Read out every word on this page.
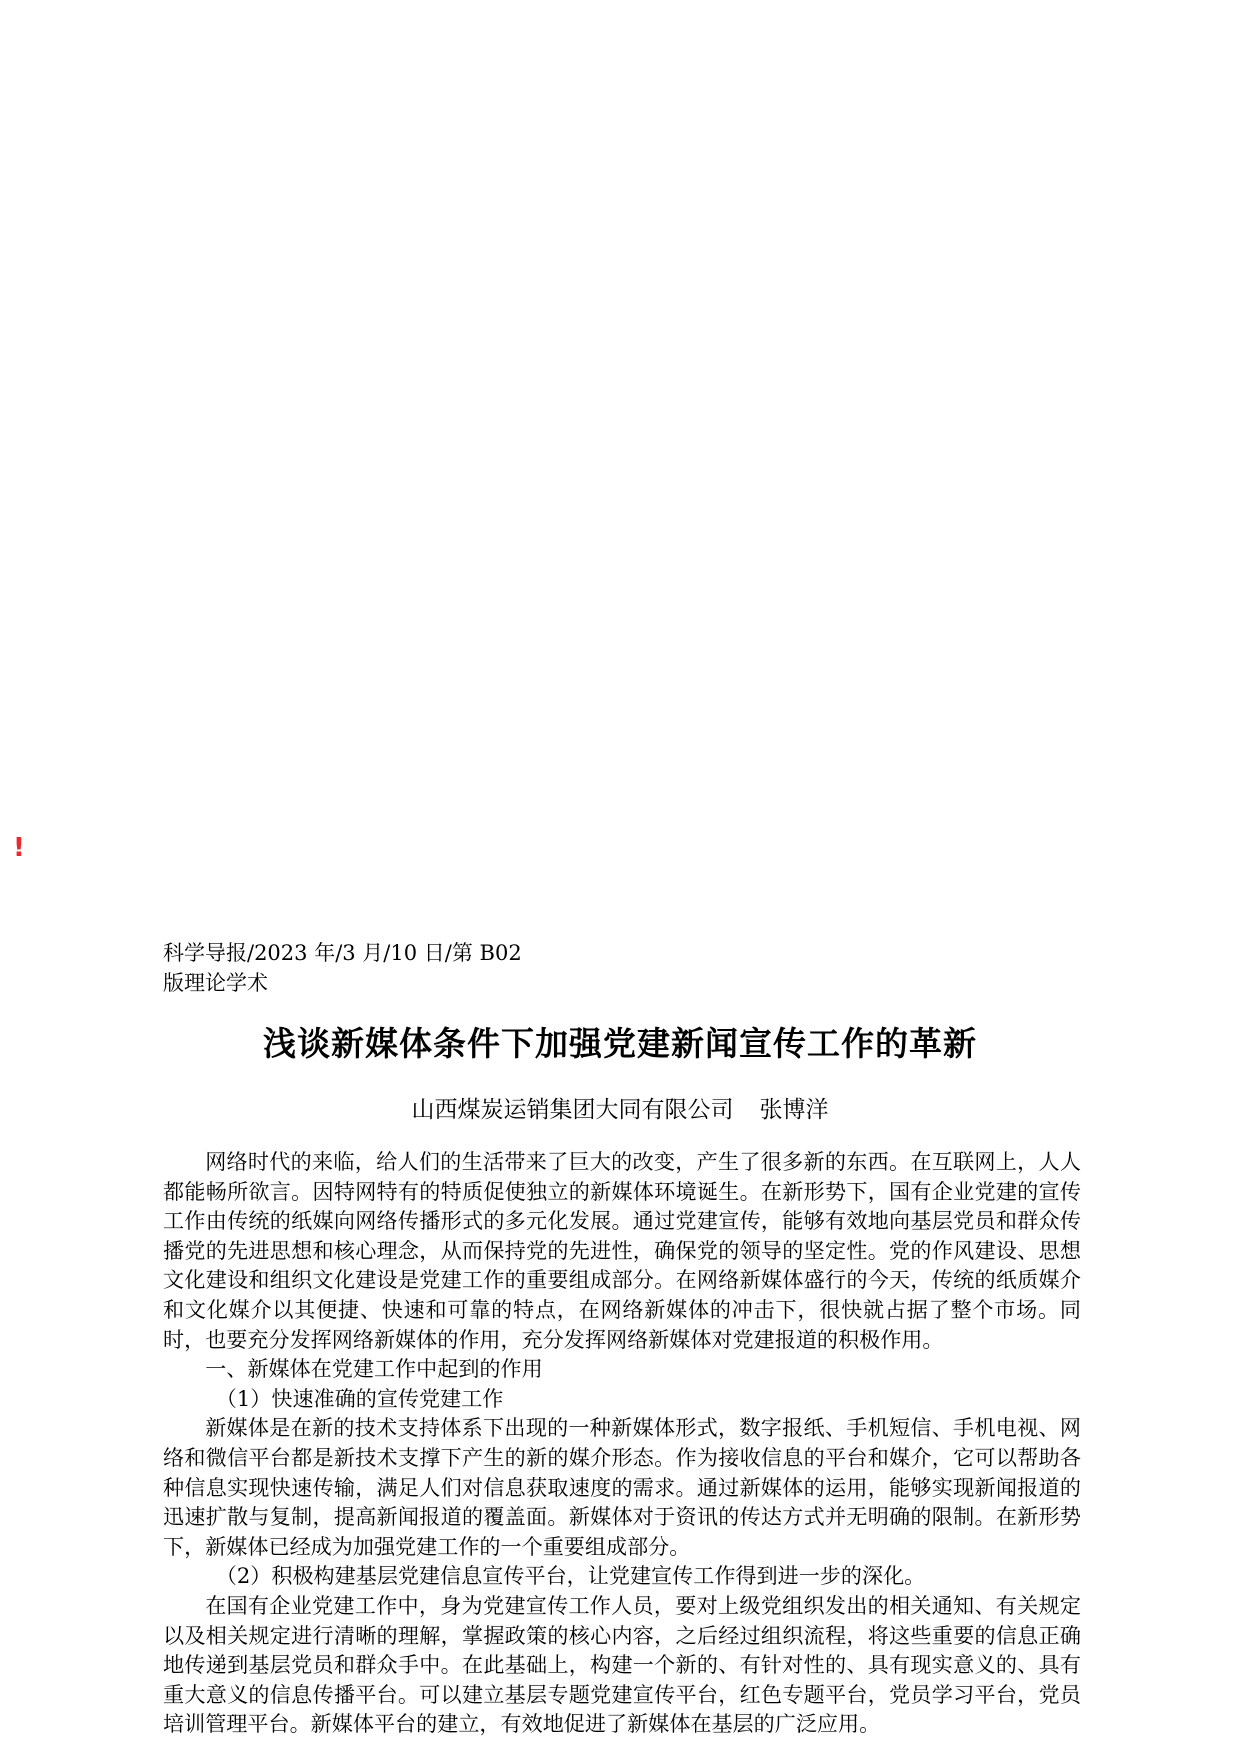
!
科学导报/2023 年/3 月/10 日/第 B02
版理论学术
浅谈新媒体条件下加强党建新闻宣传工作的革新
山西煤炭运销集团大同有限公司 张博洋

网络时代的来临，给人们的生活带来了巨大的改变，产生了很多新的东西。在互联网上，人人都能畅所欲言。因特网特有的特质促使独立的新媒体环境诞生。在新形势下，国有企业党建的宣传工作由传统的纸媒向网络传播形式的多元化发展。通过党建宣传，能够有效地向基层党员和群众传播党的先进思想和核心理念，从而保持党的先进性，确保党的领导的坚定性。党的作风建设、思想文化建设和组织文化建设是党建工作的重要组成部分。在网络新媒体盛行的今天，传统的纸质媒介和文化媒介以其便捷、快速和可靠的特点，在网络新媒体的冲击下，很快就占据了整个市场。同时，也要充分发挥网络新媒体的作用，充分发挥网络新媒体对党建报道的积极作用。

一、新媒体在党建工作中起到的作用

（1）快速准确的宣传党建工作

新媒体是在新的技术支持体系下出现的一种新媒体形式，数字报纸、手机短信、手机电视、网络和微信平台都是新技术支撑下产生的新的媒介形态。作为接收信息的平台和媒介，它可以帮助各种信息实现快速传输，满足人们对信息获取速度的需求。通过新媒体的运用，能够实现新闻报道的迅速扩散与复制，提高新闻报道的覆盖面。新媒体对于资讯的传达方式并无明确的限制。在新形势下，新媒体已经成为加强党建工作的一个重要组成部分。

（2）积极构建基层党建信息宣传平台，让党建宣传工作得到进一步的深化。

在国有企业党建工作中，身为党建宣传工作人员，要对上级党组织发出的相关通知、有关规定以及相关规定进行清晰的理解，掌握政策的核心内容，之后经过组织流程，将这些重要的信息正确地传递到基层党员和群众手中。在此基础上，构建一个新的、有针对性的、具有现实意义的、具有重大意义的信息传播平台。可以建立基层专题党建宣传平台，红色专题平台，党员学习平台，党员培训管理平台。新媒体平台的建立，有效地促进了新媒体在基层的广泛应用。
